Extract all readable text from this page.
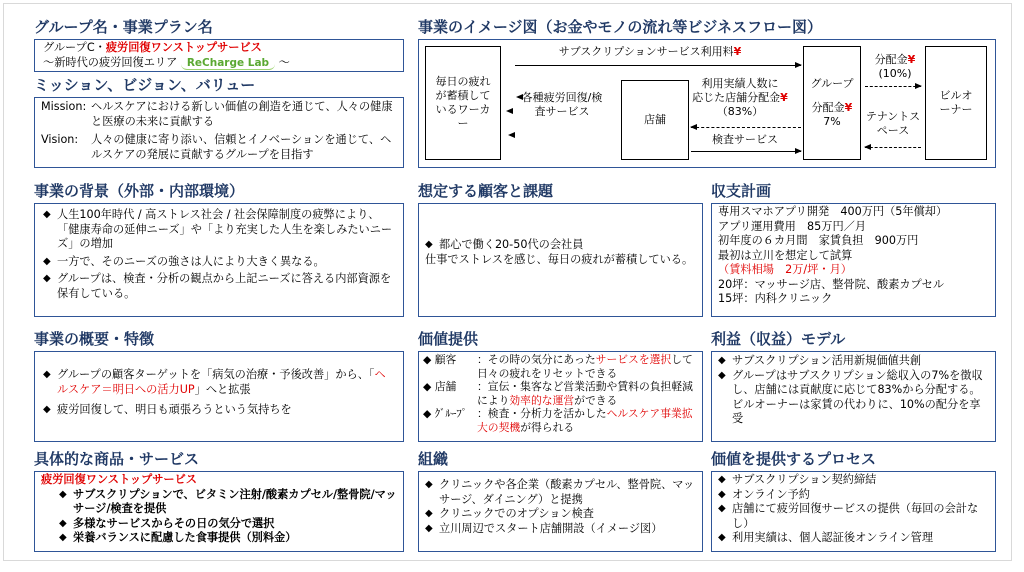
グループ名・事業プラン名
グループC・疲労回復ワンストップサービス
～新時代の疲労回復エリア ReCharge Lab ～
ミッション、ビジョン、バリュー
Mission: ヘルスケアにおける新しい価値の創造を通じて、人々の健康と医療の未来に貢献する
Vision:	人々の健康に寄り添い、信頼とイノベーションを通じて、ヘルスケアの発展に貢献するグループを目指す
事業の背景（外部・内部環境）
◆ 人生100年時代 / 高ストレス社会 / 社会保障制度の疲弊により、「健康寿命の延伸ニーズ」や「より充実した人生を楽しみたいニーズ」の増加
◆ 一方で、そのニーズの強さは人により大きく異なる。
◆ グループは、検査・分析の観点から上記ニーズに答える内部資源を保有している。
事業の概要・特徴
◆ グループの顧客ターゲットを「病気の治療・予後改善」から、「ヘルスケア＝明日への活力UP」へと拡張
◆ 疲労回復して、明日も頑張ろうという気持ちを
具体的な商品・サービス
疲労回復ワンストップサービス
◆ サブスクリプションで、ビタミン注射/酸素カプセル/整骨院/マッサージ/検査を提供
◆ 多様なサービスからその日の気分で選択
◆ 栄養バランスに配慮した食事提供（別料金）
事業のイメージ図（お金やモノの流れ等ビジネスフロー図）
毎日の疲れが蓄積しているワーカー
サブスクリプションサービス利用料¥
各種疲労回復/検査サービス
店舗
利用実績人数に
応じた店舗分配金¥
（83%）
検査サービス
グループ
分配金¥
7%
分配金¥
(10%)
テナントスペース
ビルオーナー
想定する顧客と課題
◆ 都心で働く20-50代の会社員
仕事でストレスを感じ、毎日の疲れが蓄積している。
価値提供
◆ 顧客	：その時の気分にあったサービスを選択して日々の疲れをリセットできる
◆ 店舗	：宣伝・集客など営業活動や賃料の負担軽減により効率的な運営ができる
◆ ｸﾞﾙｰﾌﾟ ：検査・分析力を活かしたヘルスケア事業拡大の契機が得られる
組織
◆ クリニックや各企業（酸素カプセル、整骨院、マッサージ、ダイニング）と提携
◆ クリニックでのオプション検査
◆ 立川周辺でスタート店舗開設（イメージ図）
収支計画
専用スマホアプリ開発　400万円（5年償却）
アプリ運用費用　85万円／月
初年度の６カ月間　家賃負担　900万円
最初は立川を想定して試算
（賃料相場　2万/坪・月）
20坪：マッサージ店、整骨院、酸素カプセル
15坪：内科クリニック
利益（収益）モデル
◆ サブスクリプション活用新規価値共創
◆ グループはサブスクリプション総収入の7%を徴収し、店舗には貢献度に応じて83%から分配する。ビルオーナーは家賃の代わりに、10%の配分を享受
価値を提供するプロセス
◆ サブスクリプション契約締結
◆ オンライン予約
◆ 店舗にて疲労回復サービスの提供（毎回の会計なし）
◆ 利用実績は、個人認証後オンライン管理
